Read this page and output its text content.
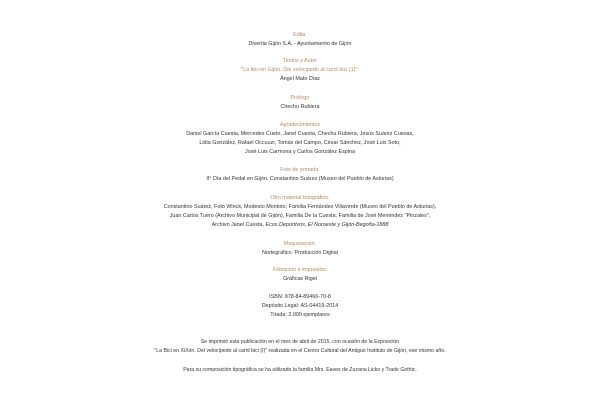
Edita:
Divertia Gijón S.A. - Ayuntamiento de Gijón
Textos y Autor
"La bici en Gijón. Del velocípedo al carril bici (1)":
Ángel Mato Díaz
Prólogo
Chechu Rubiera
Agradecimientos
Daniel García Cuesta, Mercedes Cueto, Janel Cuesta, Chechu Rubiera, Jesús Suárez Cuevas,
Lidia González, Rafael Occuuzi, Tomás del Campo, César Sánchez, José Luis Soto,
José Luis Carmona y Carlos González Espina
Foto de portada:
II° Día del Pedal en Gijón. Constantino Suárez (Museo del Pueblo de Asturias)
Otro material fotográfico:
Constantino Suárez, Foto Winck, Modesto Montoto, Familia Fernández Villaverde (Museo del Pueblo de Asturias),
Juan Carlos Tuero (Archivo Municipal de Gijón), Familia De la Cuesta, Familia de José Menéndez "Pinzales",
Archivo Janel Cuesta, Ecos Deportivos, El Noroeste y Gijón-Begoña-1888
Maquetación:
Nortegráfico. Producción Digital
Filmación e impresión:
Gráficas Rigel
ISBN: 978-84-89466-70-8
Depósito Legal: AS-04419-2014
Tirada: 2.000 ejemplares
Se imprimió esta publicación en el mes de abril de 2015, con ocasión de la Exposición
"La Bici en XiXón. Del velocípedo al carril bici (I)" realizada en el Centro Cultural del Antiguo Instituto de Gijón, ese mismo año.
Para su composición tipográfica se ha utilizado la familia Mrs. Eaves de Zuzana Licko y Trade Gothic.
